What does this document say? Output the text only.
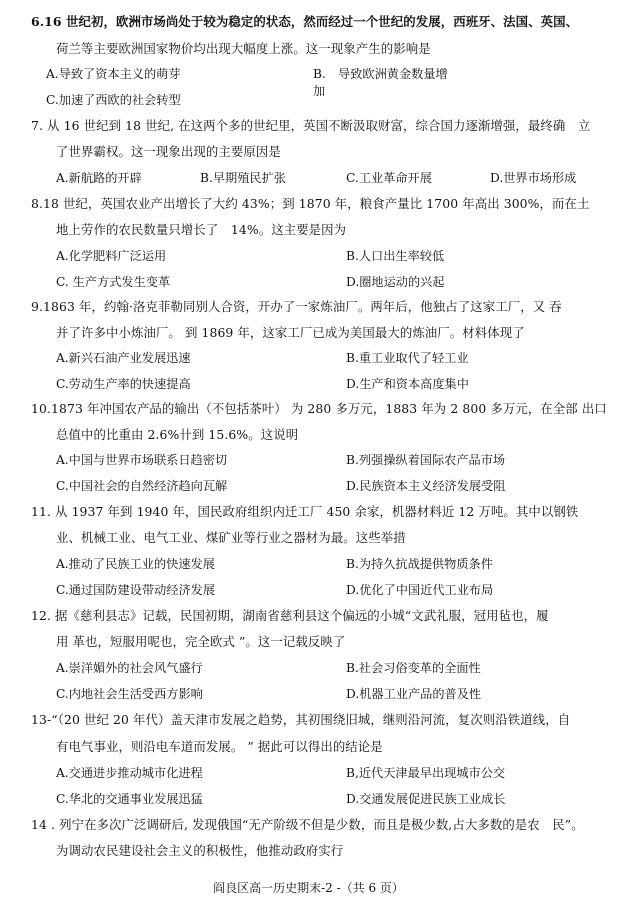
6.16 世纪初，欧洲市场尚处于较为稳定的状态，然而经过一个世纪的发展，西班牙、法国、英国、
荷兰等主要欧洲国家物价均出现大幅度上涨。这一现象产生的影响是
A.导致了资本主义的萌芽	B.　导致欧洲黄金数量增
加
C.加速了西欧的社会转型
7. 从 16 世纪到 18 世纪, 在这两个多的世纪里，英国不断汲取财富，综合国力逐渐增强，最终确　立
了世界霸权。这一现象出现的主要原因是
A.新航路的开辟	B.早期殖民扩张	C.工业革命开展	D.世界市场形成
8.18 世纪，英国农业产出增长了大约 43%；到 1870 年，粮食产量比 1700 年高出 300%，而在土
地上劳作的农民数量只增长了　14%。这主要是因为
A.化学肥料广泛运用	B.人口出生率较低
C. 生产方式发生变革	D.圈地运动的兴起
9.1863 年，约翰·洛克菲勒同别人合资，开办了一家炼油厂。两年后，他独占了这家工厂，又 吞
并了许多中小炼油厂。 到 1869 年，这家工厂已成为美国最大的炼油厂。材料体现了
A.新兴石油产业发展迅速	B.重工业取代了轻工业
C.劳动生产率的快速提高	D.生产和资本高度集中
10.1873 年冲国农产品的输出（不包括茶叶） 为 280 多万元，1883 年为 2 800 多万元，在全部 出口
总值中的比重由 2.6%卄到 15.6%。这说明
A.中国与世界市场联系日趋密切	B.列强操纵着国际农产品市场
C.中国社会的自然经济趋向瓦解	D.民族资本主义经济发展受阻
11. 从 1937 年到 1940 年，国民政府组织内迁工厂 450 余家，机器材料近 12 万吨。其中以钢铁
业、机械工业、电气工业、煤矿业等行业之器材为最。这些举措
A.推动了民族工业的快速发展	B.为持久抗战提供物质条件
C.通过国防建设带动经济发展	D.优化了中国近代工业布局
12. 据《慈利县志》记载，民国初期，湖南省慈利县这个偏远的小城“文武礼服，冠用毡也，履
用 革也，短服用呢也，完全欧式 ”。这一记载反映了
A.崇洋媚外的社会风气盛行	B.社会习俗变革的全面性
C.内地社会生活受西方影响	D.机器工业产品的普及性
13-“（20 世纪 20 年代）盖天津市发展之趋势，其初围绕旧城，继则沿河流，复次则沿铁道线，自
有电气事业，则沿电车道而发展。 ” 据此可以得出的结论是
A.交通进步推动城市化进程	B,近代天津最早出现城市公交
C.华北的交通事业发展迅猛	D.交通发展促进民族工业成长
14 . 列宁在多次广泛调研后, 发现俄国“无产阶级不但是少数，而且是极少数,占大多数的是农　民”。
为调动农民建设社会主义的积极性，他推动政府实行
阎良区高一历史期末-2 -（共 6 页）
